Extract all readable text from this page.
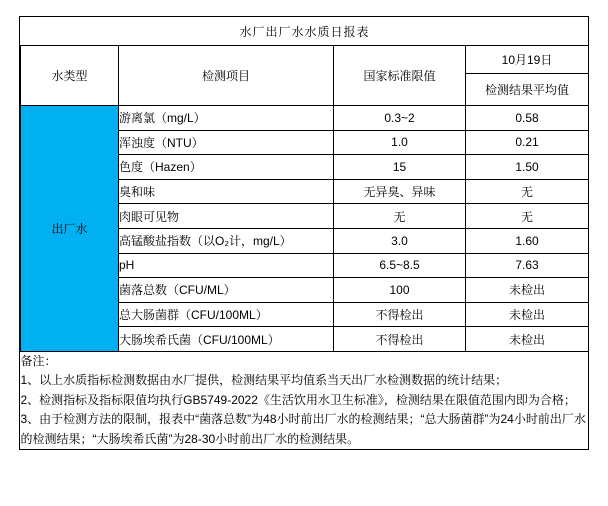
水厂出厂水水质日报表			
水类型	检测项目	国家标准限值	10月19日
			检测结果平均值
出厂水	游离氯（mg/L）	0.3~2	0.58
	浑浊度（NTU）	1.0	0.21
	色度（Hazen）	15	1.50
	臭和味	无异臭、异味	无
	肉眼可见物	无	无
	高锰酸盐指数（以O₂计，mg/L）	3.0	1.60
	pH	6.5~8.5	7.63
	菌落总数（CFU/ML）	100	未检出
	总大肠菌群（CFU/100ML）	不得检出	未检出
	大肠埃希氏菌（CFU/100ML）	不得检出	未检出

备注：

1、以上水质指标检测数据由水厂提供，检测结果平均值系当天出厂水检测数据的统计结果；

2、检测指标及指标限值均执行GB5749-2022《生活饮用水卫生标准》，检测结果在限值范围内即为合格；

3、由于检测方法的限制，报表中“菌落总数”为48小时前出厂水的检测结果；“总大肠菌群”为24小时前出厂水的检测结果；“大肠埃希氏菌”为28-30小时前出厂水的检测结果。			
